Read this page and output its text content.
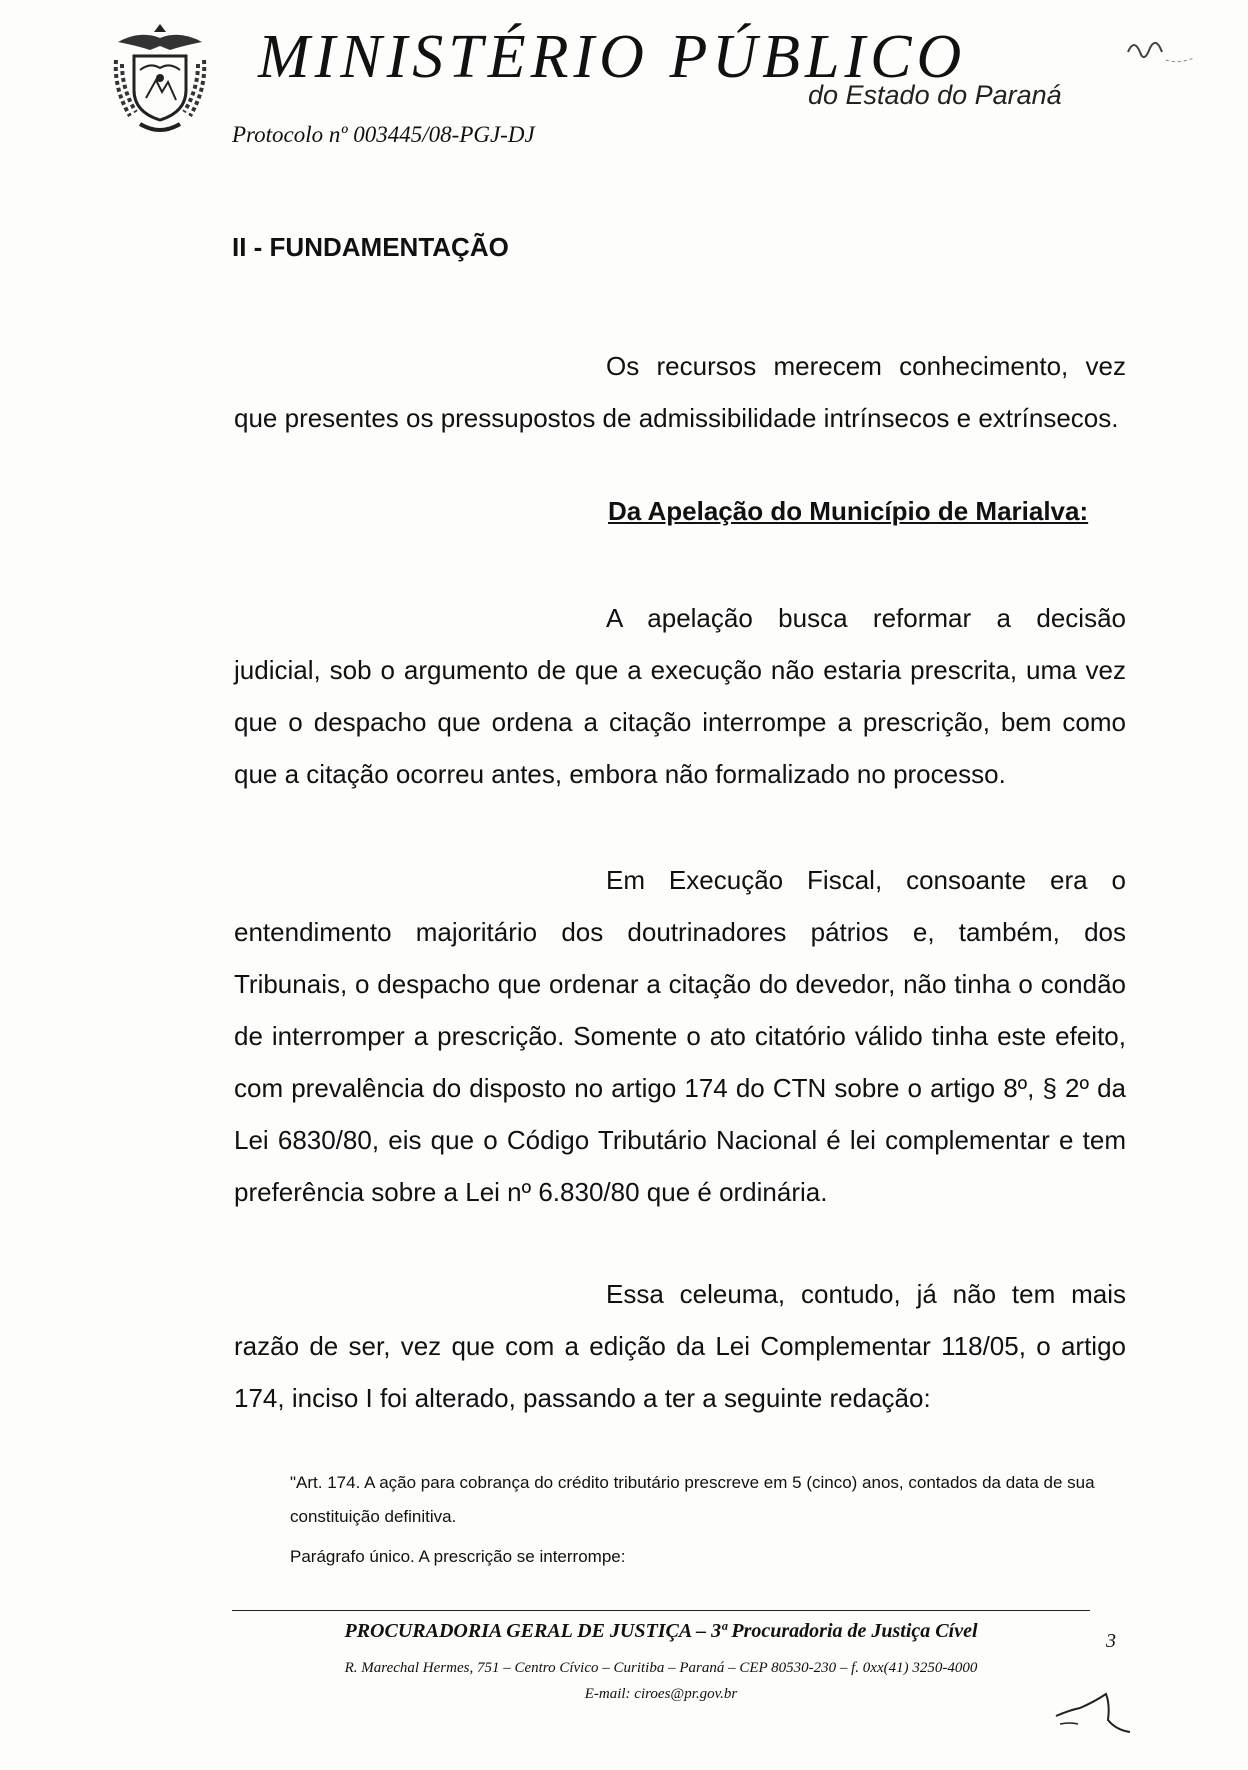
MINISTÉRIO PÚBLICO
do Estado do Paraná
Protocolo nº 003445/08-PGJ-DJ
II - FUNDAMENTAÇÃO
Os recursos merecem conhecimento, vez que presentes os pressupostos de admissibilidade intrínsecos e extrínsecos.
Da Apelação do Município de Marialva:
A apelação busca reformar a decisão judicial, sob o argumento de que a execução não estaria prescrita, uma vez que o despacho que ordena a citação interrompe a prescrição, bem como que a citação ocorreu antes, embora não formalizado no processo.
Em Execução Fiscal, consoante era o entendimento majoritário dos doutrinadores pátrios e, também, dos Tribunais, o despacho que ordenar a citação do devedor, não tinha o condão de interromper a prescrição. Somente o ato citatório válido tinha este efeito, com prevalência do disposto no artigo 174 do CTN sobre o artigo 8º, § 2º da Lei 6830/80, eis que o Código Tributário Nacional é lei complementar e tem preferência sobre a Lei nº 6.830/80 que é ordinária.
Essa celeuma, contudo, já não tem mais razão de ser, vez que com a edição da Lei Complementar 118/05, o artigo 174, inciso I foi alterado, passando a ter a seguinte redação:
"Art. 174. A ação para cobrança do crédito tributário prescreve em 5 (cinco) anos, contados da data de sua constituição definitiva.
Parágrafo único. A prescrição se interrompe:
PROCURADORIA GERAL DE JUSTIÇA – 3ª Procuradoria de Justiça Cível
R. Marechal Hermes, 751 – Centro Cívico – Curitiba – Paraná – CEP 80530-230 – f. 0xx(41) 3250-4000
E-mail: ciroes@pr.gov.br
3
